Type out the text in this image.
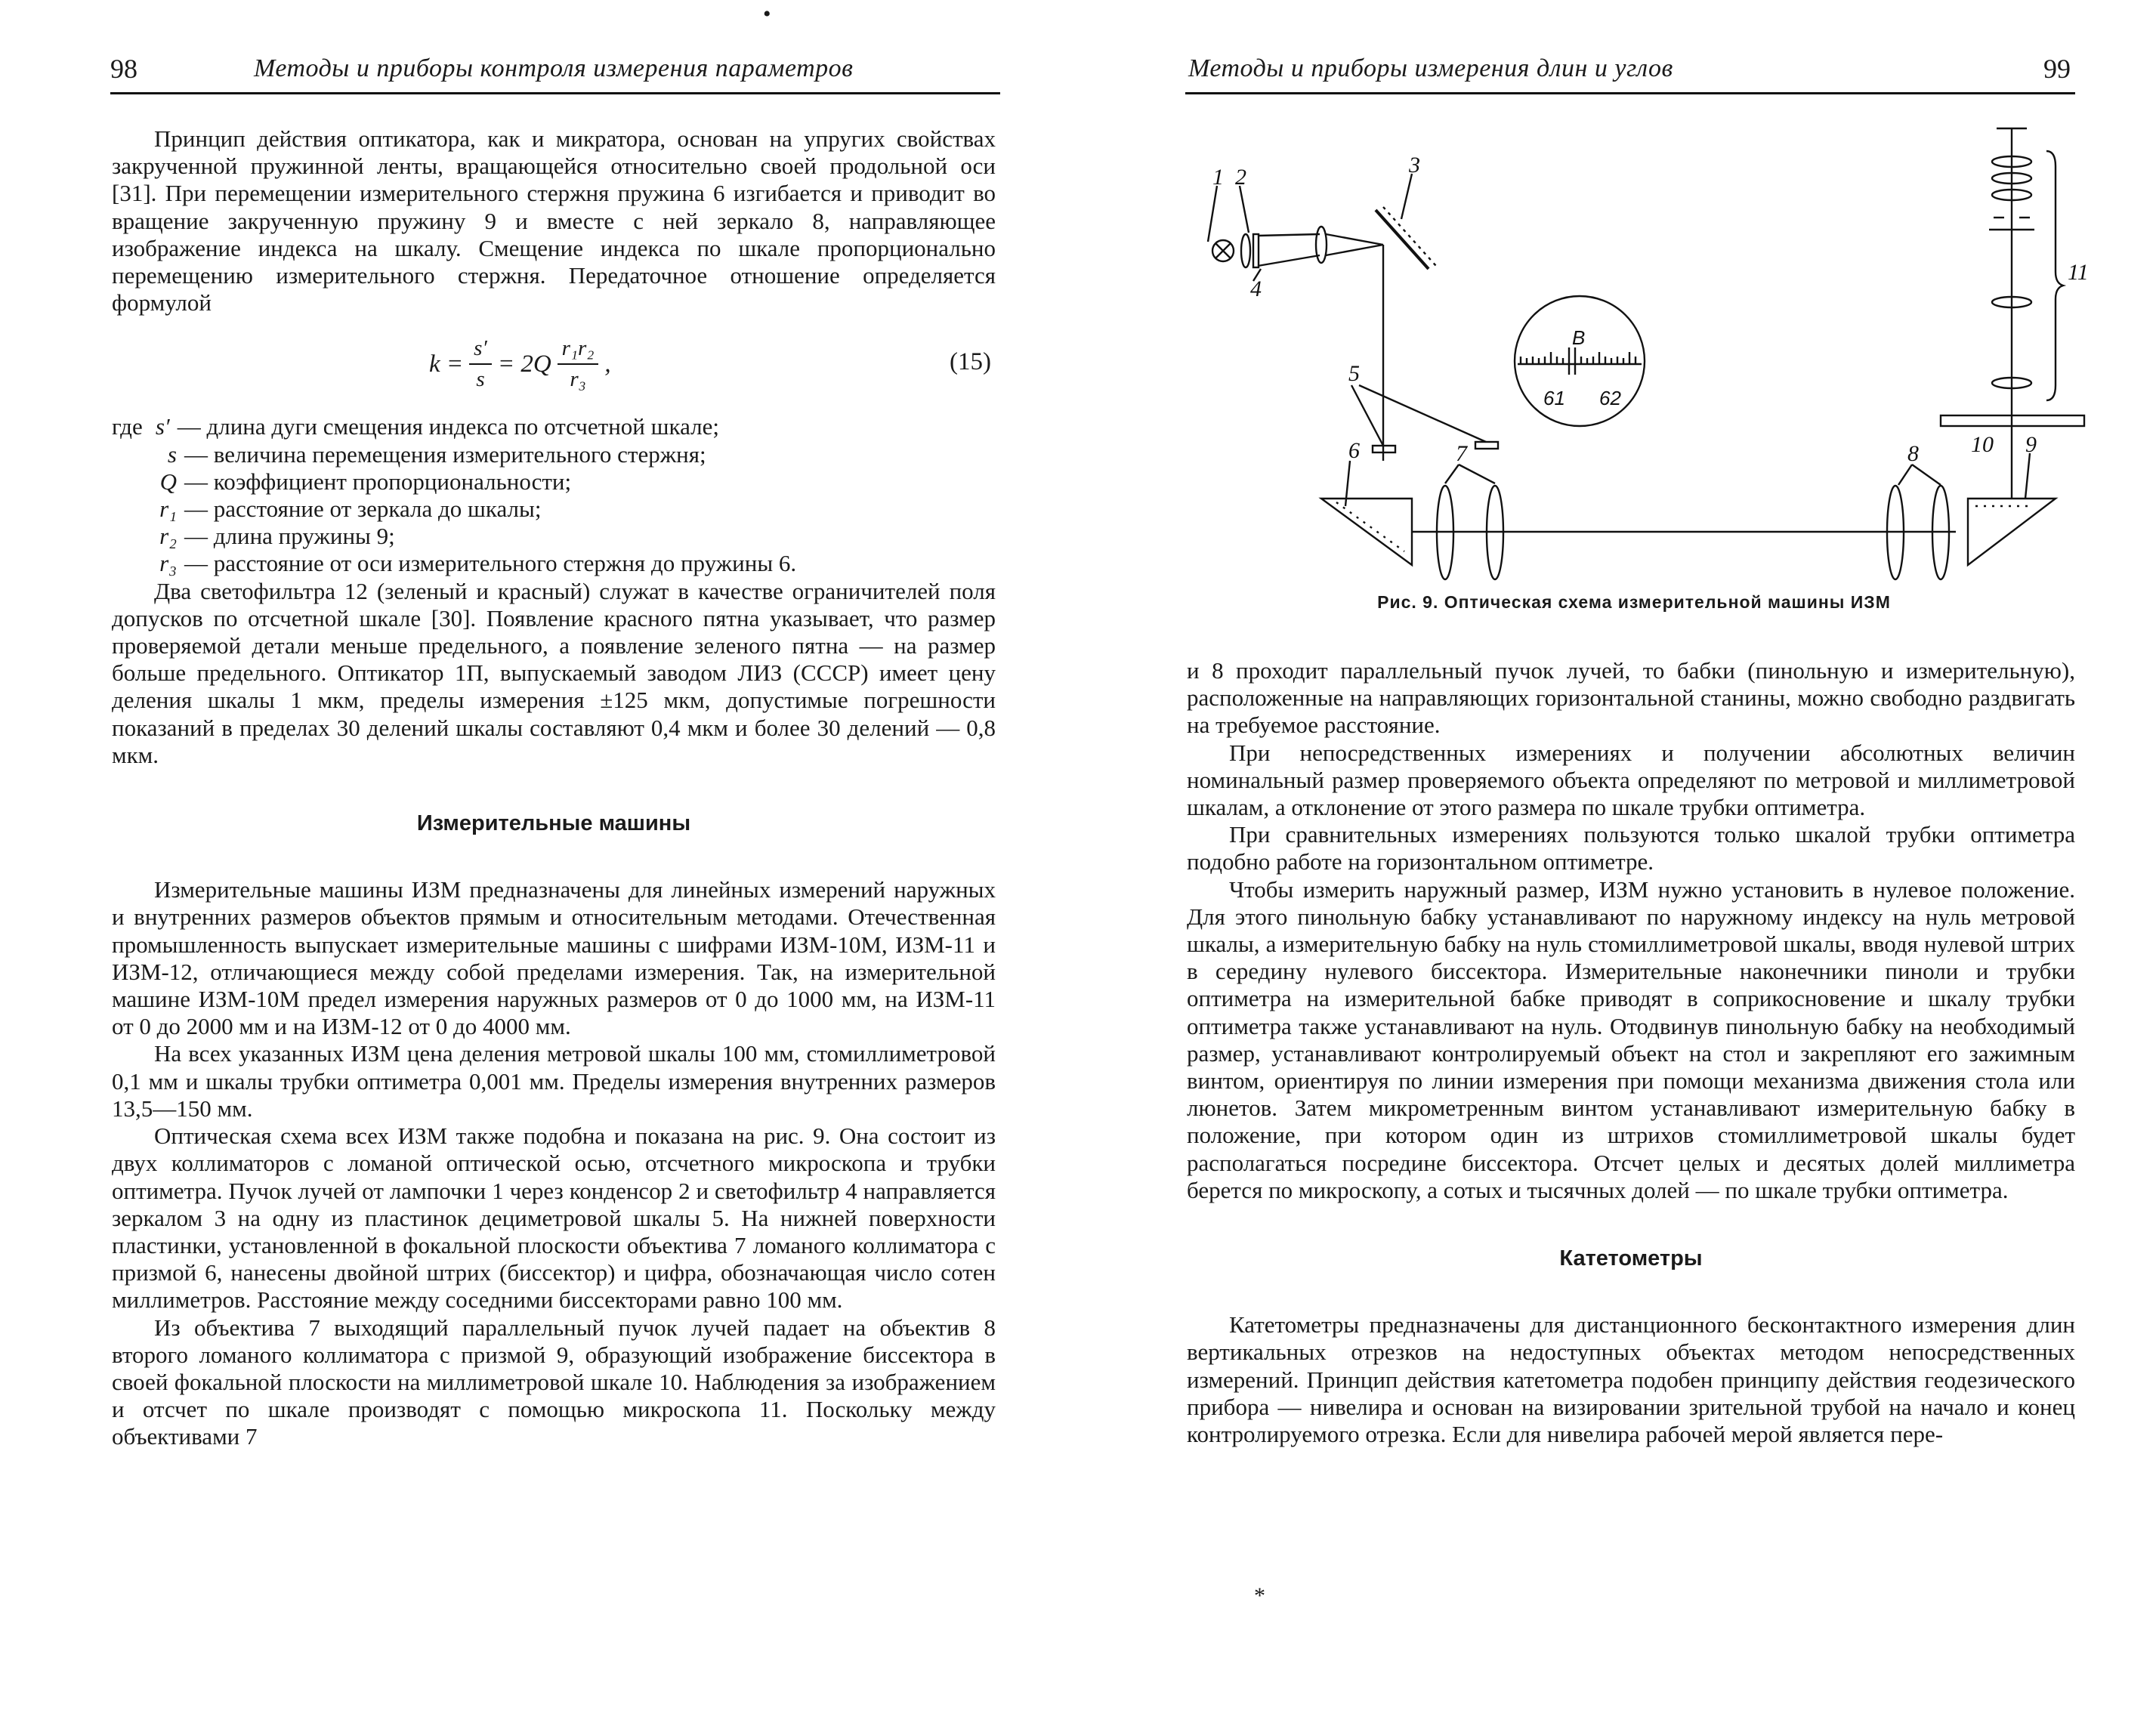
•
98	Методы и приборы контроля измерения параметров

Принцип действия оптикатора, как и микратора, основан на упругих свойствах закрученной пружинной ленты, вращающейся относительно своей продольной оси [31]. При перемещении измерительного стержня пружина 6 изгибается и приводит во вращение закрученную пружину 9 и вместе с ней зеркало 8, направляющее изображение индекса на шкалу. Смещение индекса по шкале пропорционально перемещению измерительного стержня. Передаточное отношение определяется формулой

$k = \frac{s'}{s} = 2Q \frac{\text{r₁r₂}}{\text{r₃}}$ ,	(15)
где s′ — длина дуги смещения индекса по отсчетной шкале;
s — величина перемещения измерительного стержня;
Q — коэффициент пропорциональности;
r₁ — расстояние от зеркала до шкалы;
r₂ — длина пружины 9;
r₃ — расстояние от оси измерительного стержня до пружины 6.

Два светофильтра 12 (зеленый и красный) служат в качестве ограничителей поля допусков по отсчетной шкале [30]. Появление красного пятна указывает, что размер проверяемой детали меньше предельного, а появление зеленого пятна — на размер больше предельного. Оптикатор 1П, выпускаемый заводом ЛИЗ (СССР) имеет цену деления шкалы 1 мкм, пределы измерения ±125 мкм, допустимые погрешности показаний в пределах 30 делений шкалы составляют 0,4 мкм и более 30 делений — 0,8 мкм.

Измерительные машины

Измерительные машины ИЗМ предназначены для линейных измерений наружных и внутренних размеров объектов прямым и относительным методами. Отечественная промышленность выпускает измерительные машины с шифрами ИЗМ-10М, ИЗМ-11 и ИЗМ-12, отличающиеся между собой пределами измерения. Так, на измерительной машине ИЗМ-10М предел измерения наружных размеров от 0 до 1000 мм, на ИЗМ-11 от 0 до 2000 мм и на ИЗМ-12 от 0 до 4000 мм.

На всех указанных ИЗМ цена деления метровой шкалы 100 мм, стомиллиметровой 0,1 мм и шкалы трубки оптиметра 0,001 мм. Пределы измерения внутренних размеров 13,5—150 мм.

Оптическая схема всех ИЗМ также подобна и показана на рис. 9. Она состоит из двух коллиматоров с ломаной оптической осью, отсчетного микроскопа и трубки оптиметра. Пучок лучей от лампочки 1 через конденсор 2 и светофильтр 4 направляется зеркалом 3 на одну из пластинок дециметровой шкалы 5. На нижней поверхности пластинки, установленной в фокальной плоскости объектива 7 ломаного коллиматора с призмой 6, нанесены двойной штрих (биссектор) и цифра, обозначающая число сотен миллиметров. Расстояние между соседними биссекторами равно 100 мм.

Из объектива 7 выходящий параллельный пучок лучей падает на объектив 8 второго ломаного коллиматора с призмой 9, образующий изображение биссектора в своей фокальной плоскости на миллиметровой шкале 10. Наблюдения за изображением и отсчет по шкале производят с помощью микроскопа 11. Поскольку между объективами 7

Методы и приборы измерения длин и углов	99
1 2	3
4
5
6	7	8	9
10
11
B
61 62
Рис. 9. Оптическая схема измерительной машины ИЗМ

и 8 проходит параллельный пучок лучей, то бабки (пинольную и измерительную), расположенные на направляющих горизонтальной станины, можно свободно раздвигать на требуемое расстояние.

При непосредственных измерениях и получении абсолютных величин номинальный размер проверяемого объекта определяют по метровой и миллиметровой шкалам, а отклонение от этого размера по шкале трубки оптиметра.

При сравнительных измерениях пользуются только шкалой трубки оптиметра подобно работе на горизонтальном оптиметре.

Чтобы измерить наружный размер, ИЗМ нужно установить в нулевое положение. Для этого пинольную бабку устанавливают по наружному индексу на нуль метровой шкалы, а измерительную бабку на нуль стомиллиметровой шкалы, вводя нулевой штрих в середину нулевого биссектора. Измерительные наконечники пиноли и трубки оптиметра на измерительной бабке приводят в соприкосновение и шкалу трубки оптиметра также устанавливают на нуль. Отодвинув пинольную бабку на необходимый размер, устанавливают контролируемый объект на стол и закрепляют его зажимным винтом, ориентируя по линии измерения при помощи механизма движения стола или люнетов. Затем микрометренным винтом устанавливают измерительную бабку в положение, при котором один из штрихов стомиллиметровой шкалы будет располагаться посредине биссектора. Отсчет целых и десятых долей миллиметра берется по микроскопу, а сотых и тысячных долей — по шкале трубки оптиметра.

Катетометры

Катетометры предназначены для дистанционного бесконтактного измерения длин вертикальных отрезков на недоступных объектах методом непосредственных измерений. Принцип действия катетометра подобен принципу действия геодезического прибора — нивелира и основан на визировании зрительной трубой на начало и конец контролируемого отрезка. Если для нивелира рабочей мерой является пере-

*
